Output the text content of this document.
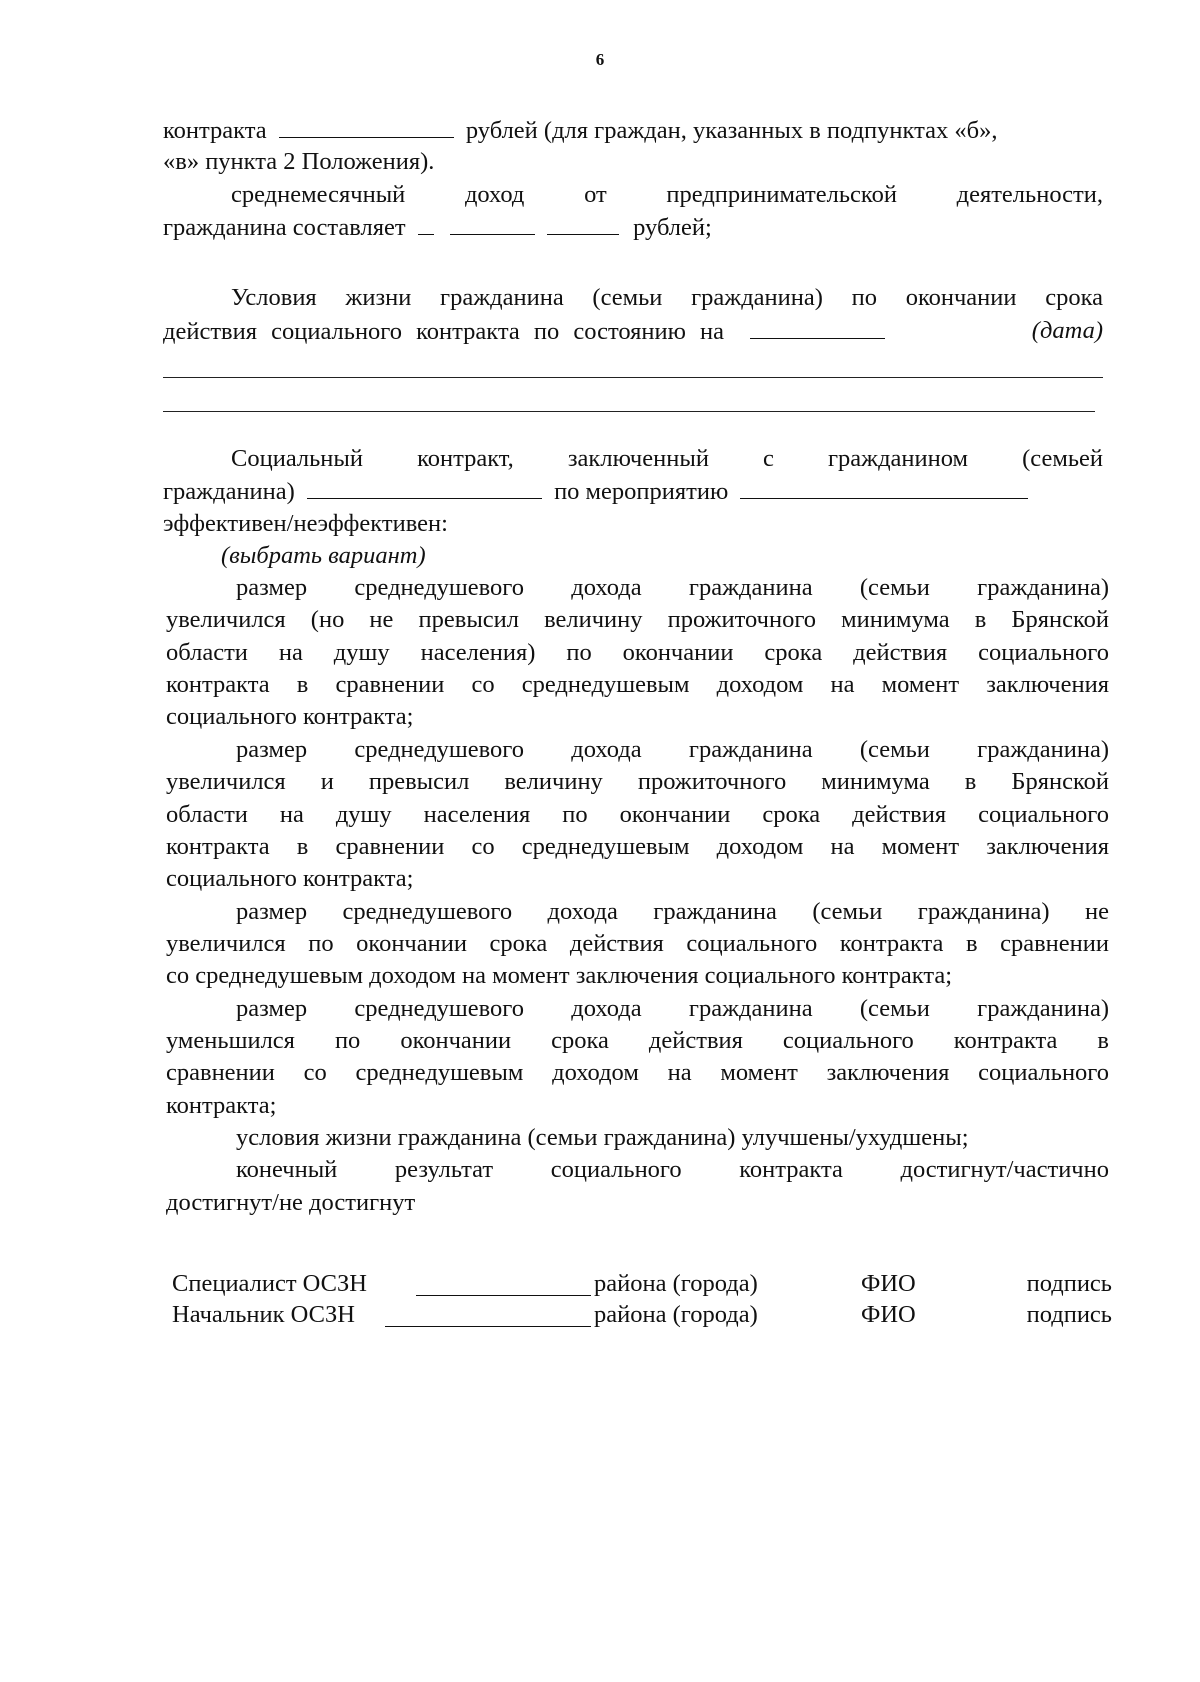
6
контракта	рублей (для граждан, указанных в подпунктах «б»,
«в» пункта 2 Положения).
среднемесячный доход от предпринимательской деятельности,
гражданина составляет	рублей;
Условия жизни гражданина (семьи гражданина) по окончании срока
действия социального контракта по состоянию на	(дата)
Социальный контракт, заключенный с гражданином (семьей
гражданина)	по мероприятию
эффективен/неэффективен:
(выбрать вариант)
размер среднедушевого дохода гражданина (семьи гражданина)
увеличился (но не превысил величину прожиточного минимума в Брянской
области на душу населения) по окончании срока действия социального
контракта в сравнении со среднедушевым доходом на момент заключения
социального контракта;
размер среднедушевого дохода гражданина (семьи гражданина)
увеличился и превысил величину прожиточного минимума в Брянской
области на душу населения по окончании срока действия социального
контракта в сравнении со среднедушевым доходом на момент заключения
социального контракта;
размер среднедушевого дохода гражданина (семьи гражданина) не
увеличился по окончании срока действия социального контракта в сравнении
со среднедушевым доходом на момент заключения социального контракта;
размер среднедушевого дохода гражданина (семьи гражданина)
уменьшился по окончании срока действия социального контракта в
сравнении со среднедушевым доходом на момент заключения социального
контракта;
условия жизни гражданина (семьи гражданина) улучшены/ухудшены;
конечный результат социального контракта достигнут/частично
достигнут/не достигнут
Специалист ОСЗН	района (города)	ФИО	подпись
Начальник ОСЗН	района (города)	ФИО	подпись
